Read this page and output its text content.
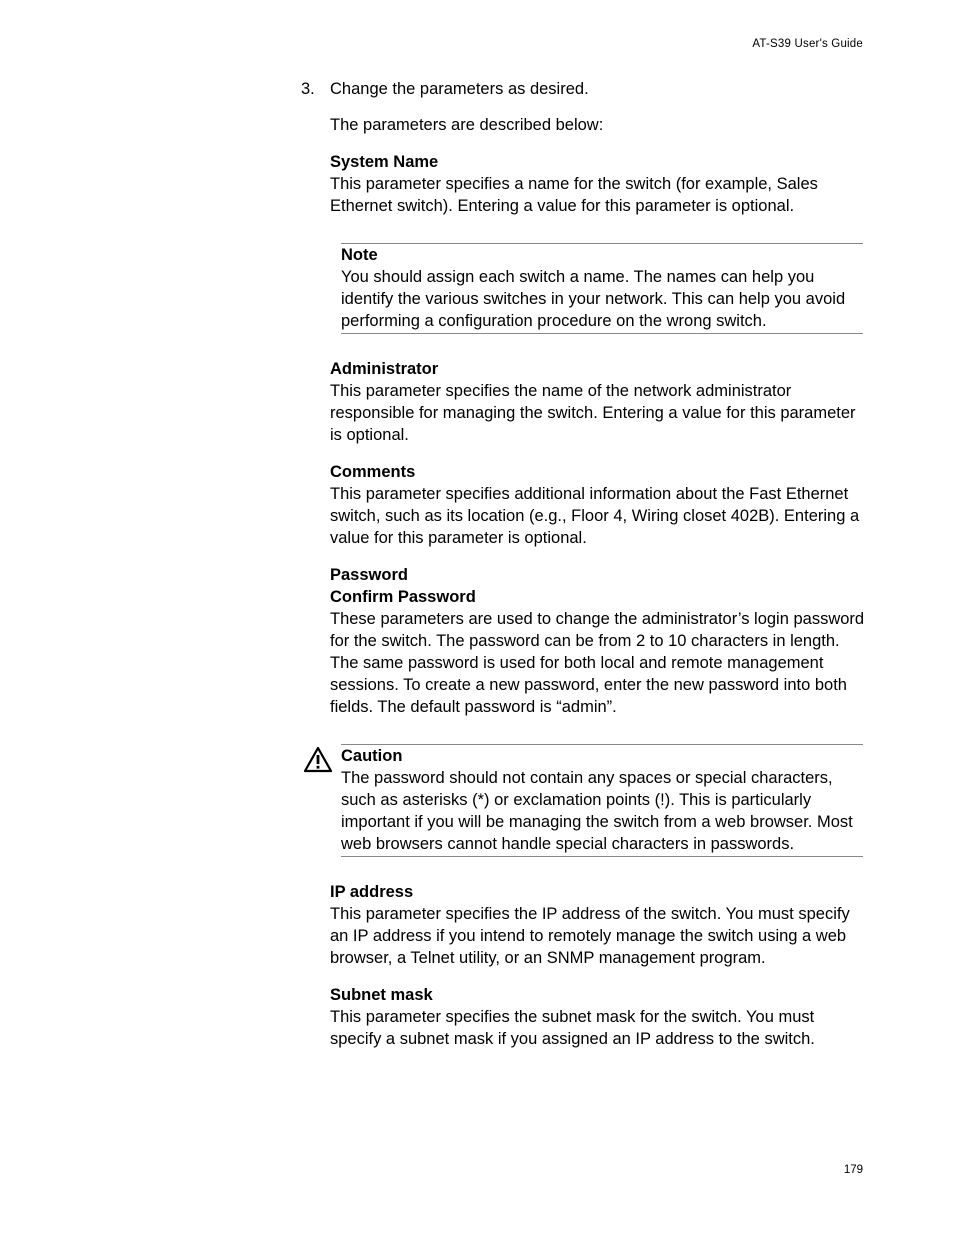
AT-S39 User's Guide
3. Change the parameters as desired.

The parameters are described below:

System Name

This parameter specifies a name for the switch (for example, Sales Ethernet switch). Entering a value for this parameter is optional.

Note

You should assign each switch a name. The names can help you identify the various switches in your network. This can help you avoid performing a configuration procedure on the wrong switch.

Administrator

This parameter specifies the name of the network administrator responsible for managing the switch. Entering a value for this parameter is optional.

Comments

This parameter specifies additional information about the Fast Ethernet switch, such as its location (e.g., Floor 4, Wiring closet 402B). Entering a value for this parameter is optional.

Password
Confirm Password

These parameters are used to change the administrator’s login password for the switch. The password can be from 2 to 10 characters in length. The same password is used for both local and remote management sessions. To create a new password, enter the new password into both fields. The default password is “admin”.

Caution

The password should not contain any spaces or special characters, such as asterisks (*) or exclamation points (!). This is particularly important if you will be managing the switch from a web browser. Most web browsers cannot handle special characters in passwords.

IP address

This parameter specifies the IP address of the switch. You must specify an IP address if you intend to remotely manage the switch using a web browser, a Telnet utility, or an SNMP management program.

Subnet mask

This parameter specifies the subnet mask for the switch. You must specify a subnet mask if you assigned an IP address to the switch.

179
